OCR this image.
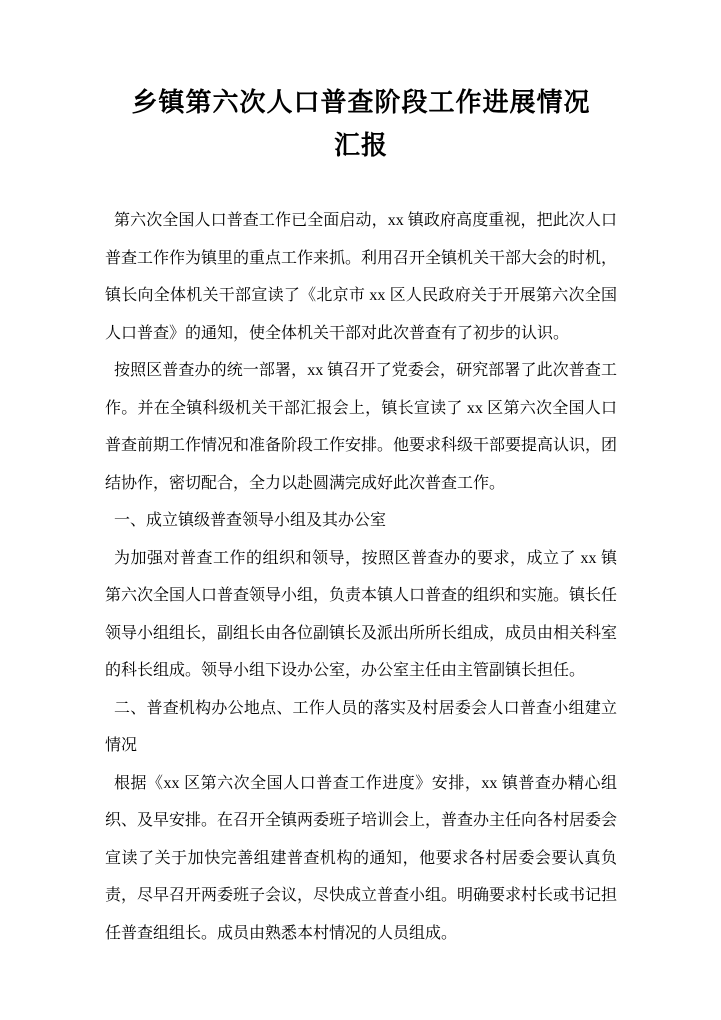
乡镇第六次人口普查阶段工作进展情况汇报

第六次全国人口普查工作已全面启动，xx 镇政府高度重视，把此次人口普查工作作为镇里的重点工作来抓。利用召开全镇机关干部大会的时机，镇长向全体机关干部宣读了《北京市 xx 区人民政府关于开展第六次全国人口普查》的通知，使全体机关干部对此次普查有了初步的认识。

按照区普查办的统一部署，xx 镇召开了党委会，研究部署了此次普查工作。并在全镇科级机关干部汇报会上，镇长宣读了 xx 区第六次全国人口普查前期工作情况和准备阶段工作安排。他要求科级干部要提高认识，团结协作，密切配合，全力以赴圆满完成好此次普查工作。

一、成立镇级普查领导小组及其办公室

为加强对普查工作的组织和领导，按照区普查办的要求，成立了 xx 镇第六次全国人口普查领导小组，负责本镇人口普查的组织和实施。镇长任领导小组组长，副组长由各位副镇长及派出所所长组成，成员由相关科室的科长组成。领导小组下设办公室，办公室主任由主管副镇长担任。

二、普查机构办公地点、工作人员的落实及村居委会人口普查小组建立情况

根据《xx 区第六次全国人口普查工作进度》安排，xx 镇普查办精心组织、及早安排。在召开全镇两委班子培训会上，普查办主任向各村居委会宣读了关于加快完善组建普查机构的通知，他要求各村居委会要认真负责，尽早召开两委班子会议，尽快成立普查小组。明确要求村长或书记担任普查组组长。成员由熟悉本村情况的人员组成。
